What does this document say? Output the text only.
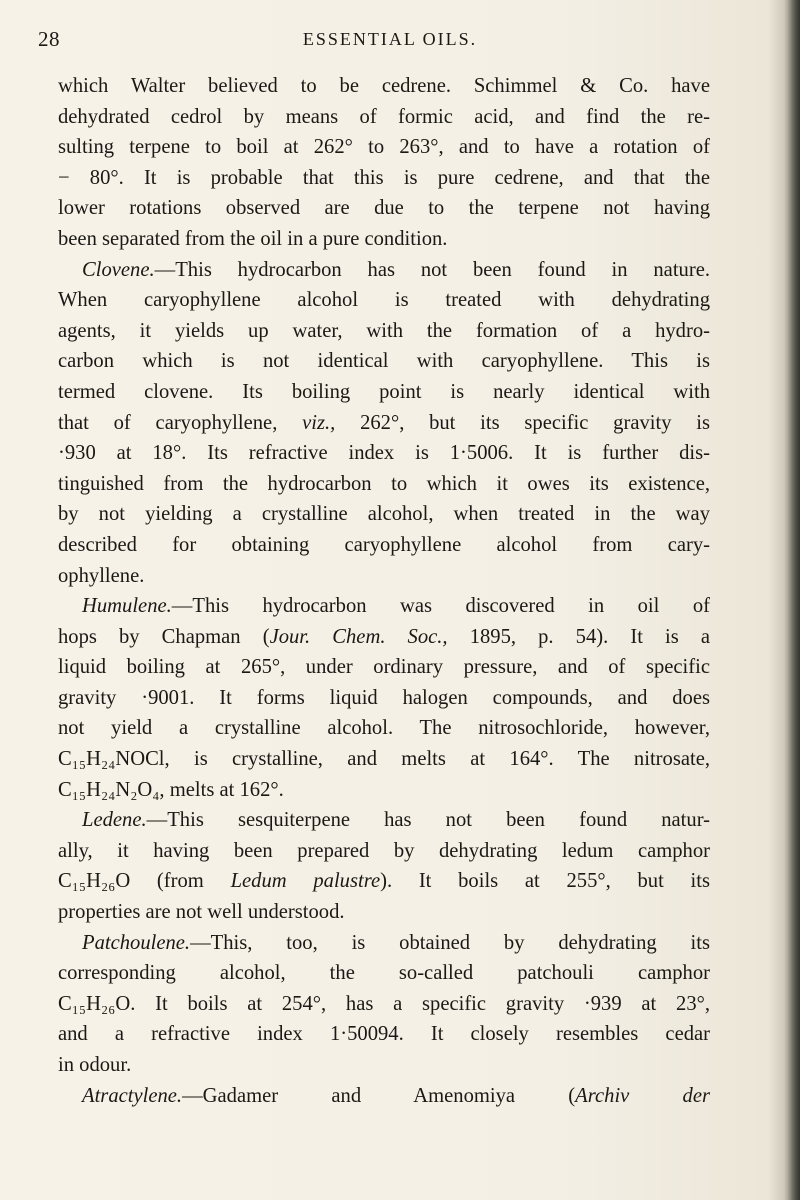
28	ESSENTIAL OILS.
which Walter believed to be cedrene. Schimmel & Co. have
dehydrated cedrol by means of formic acid, and find the re-
sulting terpene to boil at 262° to 263°, and to have a rotation of
− 80°. It is probable that this is pure cedrene, and that the
lower rotations observed are due to the terpene not having
been separated from the oil in a pure condition.
Clovene.—This hydrocarbon has not been found in nature.
When caryophyllene alcohol is treated with dehydrating
agents, it yields up water, with the formation of a hydro-
carbon which is not identical with caryophyllene. This is
termed clovene. Its boiling point is nearly identical with
that of caryophyllene, viz., 262°, but its specific gravity is
·930 at 18°. Its refractive index is 1·5006. It is further dis-
tinguished from the hydrocarbon to which it owes its existence,
by not yielding a crystalline alcohol, when treated in the way
described for obtaining caryophyllene alcohol from cary-
ophyllene.
Humulene.—This hydrocarbon was discovered in oil of
hops by Chapman (Jour. Chem. Soc., 1895, p. 54). It is a
liquid boiling at 265°, under ordinary pressure, and of specific
gravity ·9001. It forms liquid halogen compounds, and does
not yield a crystalline alcohol. The nitrosochloride, however,
C₁₅H₂₄NOCl, is crystalline, and melts at 164°. The nitrosate,
C₁₅H₂₄N₂O₄, melts at 162°.
Ledene.—This sesquiterpene has not been found natur-
ally, it having been prepared by dehydrating ledum camphor
C₁₅H₂₆O (from Ledum palustre). It boils at 255°, but its
properties are not well understood.
Patchoulene.—This, too, is obtained by dehydrating its
corresponding alcohol, the so-called patchouli camphor
C₁₅H₂₆O. It boils at 254°, has a specific gravity ·939 at 23°,
and a refractive index 1·50094. It closely resembles cedar
in odour.
Atractylene.—Gadamer and Amenomiya (Archiv der
